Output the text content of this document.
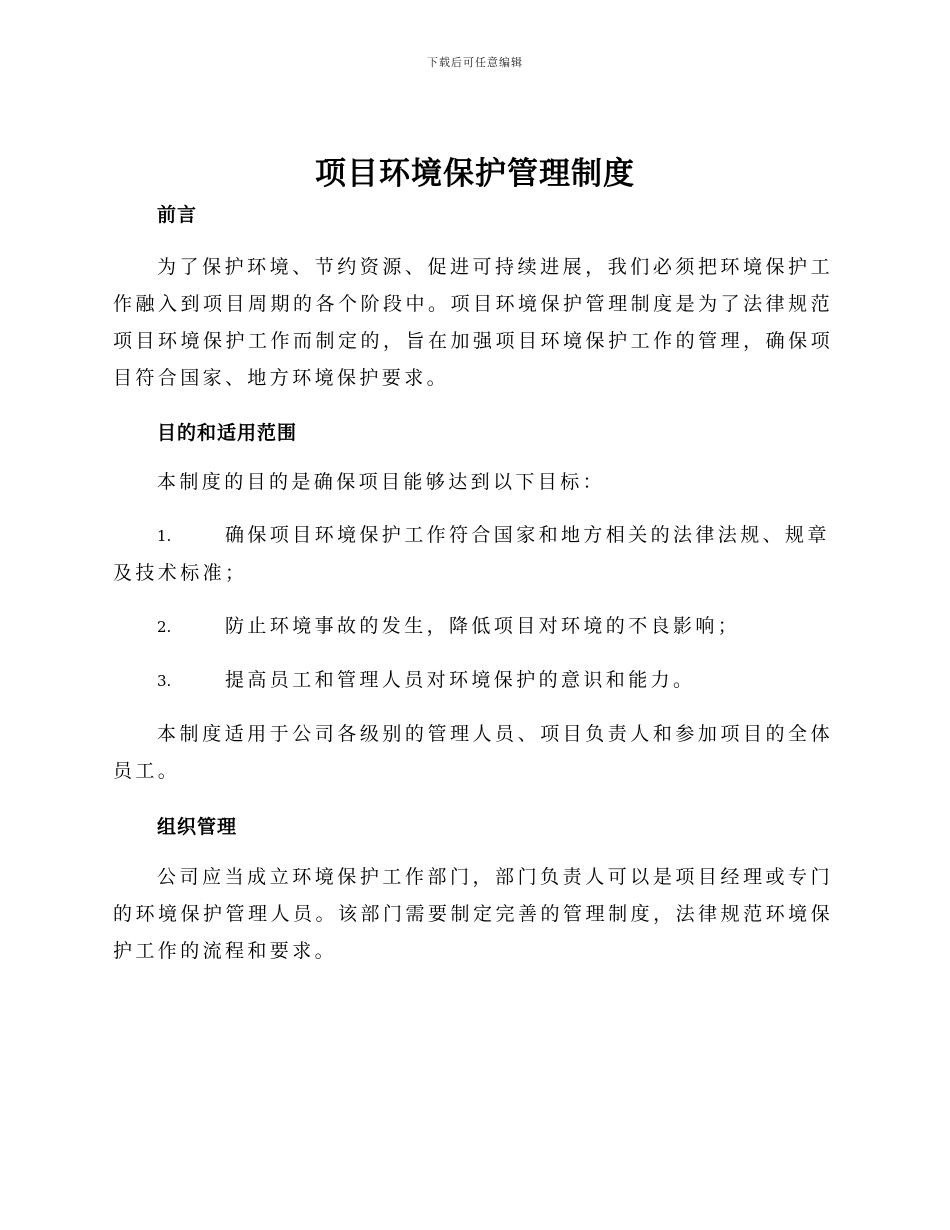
下载后可任意编辑
项目环境保护管理制度
前言

为了保护环境、节约资源、促进可持续进展，我们必须把环境保护工作融入到项目周期的各个阶段中。项目环境保护管理制度是为了法律规范项目环境保护工作而制定的，旨在加强项目环境保护工作的管理，确保项目符合国家、地方环境保护要求。

目的和适用范围

本制度的目的是确保项目能够达到以下目标：

1.	确保项目环境保护工作符合国家和地方相关的法律法规、规章及技术标准；

2.	防止环境事故的发生，降低项目对环境的不良影响；

3.	提高员工和管理人员对环境保护的意识和能力。

本制度适用于公司各级别的管理人员、项目负责人和参加项目的全体员工。

组织管理

公司应当成立环境保护工作部门，部门负责人可以是项目经理或专门的环境保护管理人员。该部门需要制定完善的管理制度，法律规范环境保护工作的流程和要求。
